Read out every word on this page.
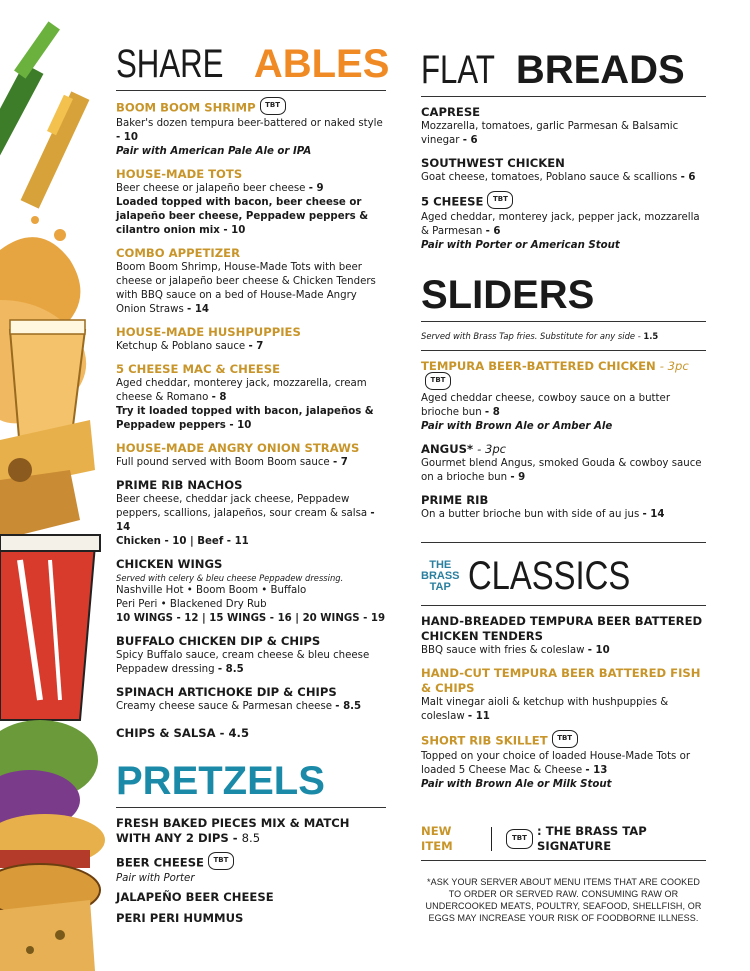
SHARE ABLES
BOOM BOOM SHRIMP TBT
Baker's dozen tempura beer-battered or naked style - 10
Pair with American Pale Ale or IPA
HOUSE-MADE TOTS
Beer cheese or jalapeño beer cheese - 9
Loaded topped with bacon, beer cheese or jalapeño beer cheese, Peppadew peppers & cilantro onion mix - 10
COMBO APPETIZER
Boom Boom Shrimp, House-Made Tots with beer cheese or jalapeño beer cheese & Chicken Tenders with BBQ sauce on a bed of House-Made Angry Onion Straws - 14
HOUSE-MADE HUSHPUPPIES
Ketchup & Poblano sauce - 7
5 CHEESE MAC & CHEESE
Aged cheddar, monterey jack, mozzarella, cream cheese & Romano - 8
Try it loaded topped with bacon, jalapeños & Peppadew peppers - 10
HOUSE-MADE ANGRY ONION STRAWS
Full pound served with Boom Boom sauce - 7
PRIME RIB NACHOS
Beer cheese, cheddar jack cheese, Peppadew peppers, scallions, jalapeños, sour cream & salsa - 14
Chicken - 10 | Beef - 11
CHICKEN WINGS
Served with celery & bleu cheese Peppadew dressing.
Nashville Hot • Boom Boom • Buffalo
Peri Peri • Blackened Dry Rub
10 WINGS - 12 | 15 WINGS - 16 | 20 WINGS - 19
BUFFALO CHICKEN DIP & CHIPS
Spicy Buffalo sauce, cream cheese & bleu cheese Peppadew dressing - 8.5
SPINACH ARTICHOKE DIP & CHIPS
Creamy cheese sauce & Parmesan cheese - 8.5
CHIPS & SALSA - 4.5
PRETZELS
FRESH BAKED PIECES MIX & MATCH WITH ANY 2 DIPS - 8.5
BEER CHEESE TBT
Pair with Porter
JALAPEÑO BEER CHEESE
PERI PERI HUMMUS
FLAT BREADS
CAPRESE
Mozzarella, tomatoes, garlic Parmesan & Balsamic vinegar - 6
SOUTHWEST CHICKEN
Goat cheese, tomatoes, Poblano sauce & scallions - 6
5 CHEESE TBT
Aged cheddar, monterey jack, pepper jack, mozzarella & Parmesan - 6
Pair with Porter or American Stout
SLIDERS
Served with Brass Tap fries. Substitute for any side - 1.5
TEMPURA BEER-BATTERED CHICKEN - 3pcTBT
Aged cheddar cheese, cowboy sauce on a butter brioche bun - 8
Pair with Brown Ale or Amber Ale
ANGUS* - 3pc
Gourmet blend Angus, smoked Gouda & cowboy sauce on a brioche bun - 9
PRIME RIB
On a butter brioche bun with side of au jus - 14
THE
BRASS
TAP CLASSICS
HAND-BREADED TEMPURA BEER BATTERED CHICKEN TENDERS
BBQ sauce with fries & coleslaw - 10
HAND-CUT TEMPURA BEER BATTERED FISH & CHIPS
Malt vinegar aioli & ketchup with hushpuppies & coleslaw - 11
SHORT RIB SKILLET TBT
Topped on your choice of loaded House-Made Tots or loaded 5 Cheese Mac & Cheese - 13
Pair with Brown Ale or Milk Stout
NEW ITEM
TBT : THE BRASS TAP SIGNATURE
*ASK YOUR SERVER ABOUT MENU ITEMS THAT ARE COOKED TO ORDER OR SERVED RAW. CONSUMING RAW OR UNDERCOOKED MEATS, POULTRY, SEAFOOD, SHELLFISH, OR EGGS MAY INCREASE YOUR RISK OF FOODBORNE ILLNESS.
